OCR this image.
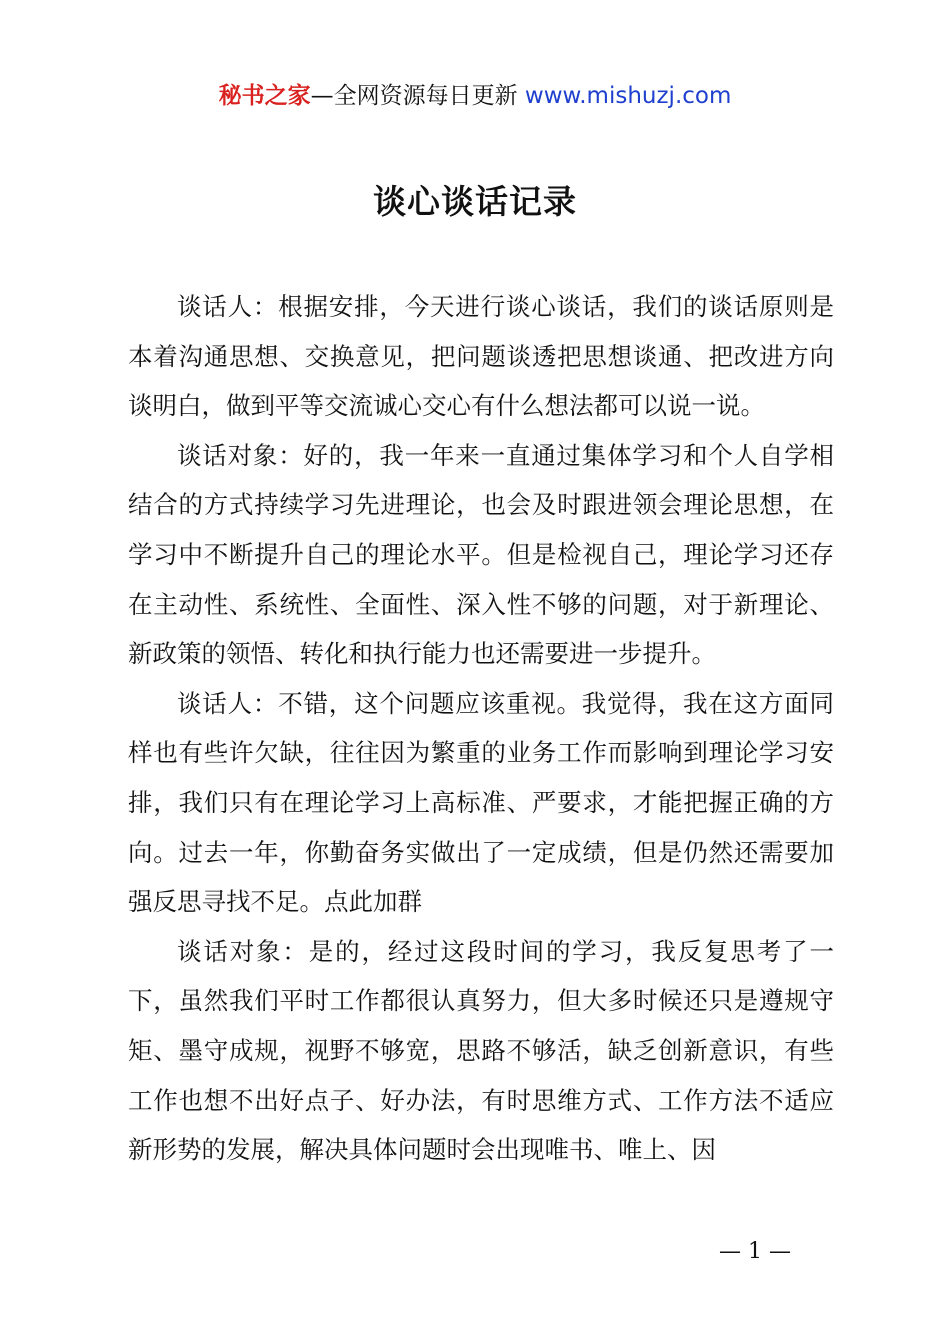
秘书之家—全网资源每日更新 www.mishuzj.com
谈心谈话记录

谈话人：根据安排，今天进行谈心谈话，我们的谈话原则是本着沟通思想、交换意见，把问题谈透把思想谈通、把改进方向谈明白，做到平等交流诚心交心有什么想法都可以说一说。

谈话对象：好的，我一年来一直通过集体学习和个人自学相结合的方式持续学习先进理论，也会及时跟进领会理论思想，在学习中不断提升自己的理论水平。但是检视自己，理论学习还存在主动性、系统性、全面性、深入性不够的问题，对于新理论、新政策的领悟、转化和执行能力也还需要进一步提升。

谈话人：不错，这个问题应该重视。我觉得，我在这方面同样也有些许欠缺，往往因为繁重的业务工作而影响到理论学习安排，我们只有在理论学习上高标准、严要求，才能把握正确的方向。过去一年，你勤奋务实做出了一定成绩，但是仍然还需要加强反思寻找不足。点此加群

谈话对象：是的，经过这段时间的学习，我反复思考了一下，虽然我们平时工作都很认真努力，但大多时候还只是遵规守矩、墨守成规，视野不够宽，思路不够活，缺乏创新意识，有些工作也想不出好点子、好办法，有时思维方式、工作方法不适应新形势的发展，解决具体问题时会出现唯书、唯上、因

— 1 —
